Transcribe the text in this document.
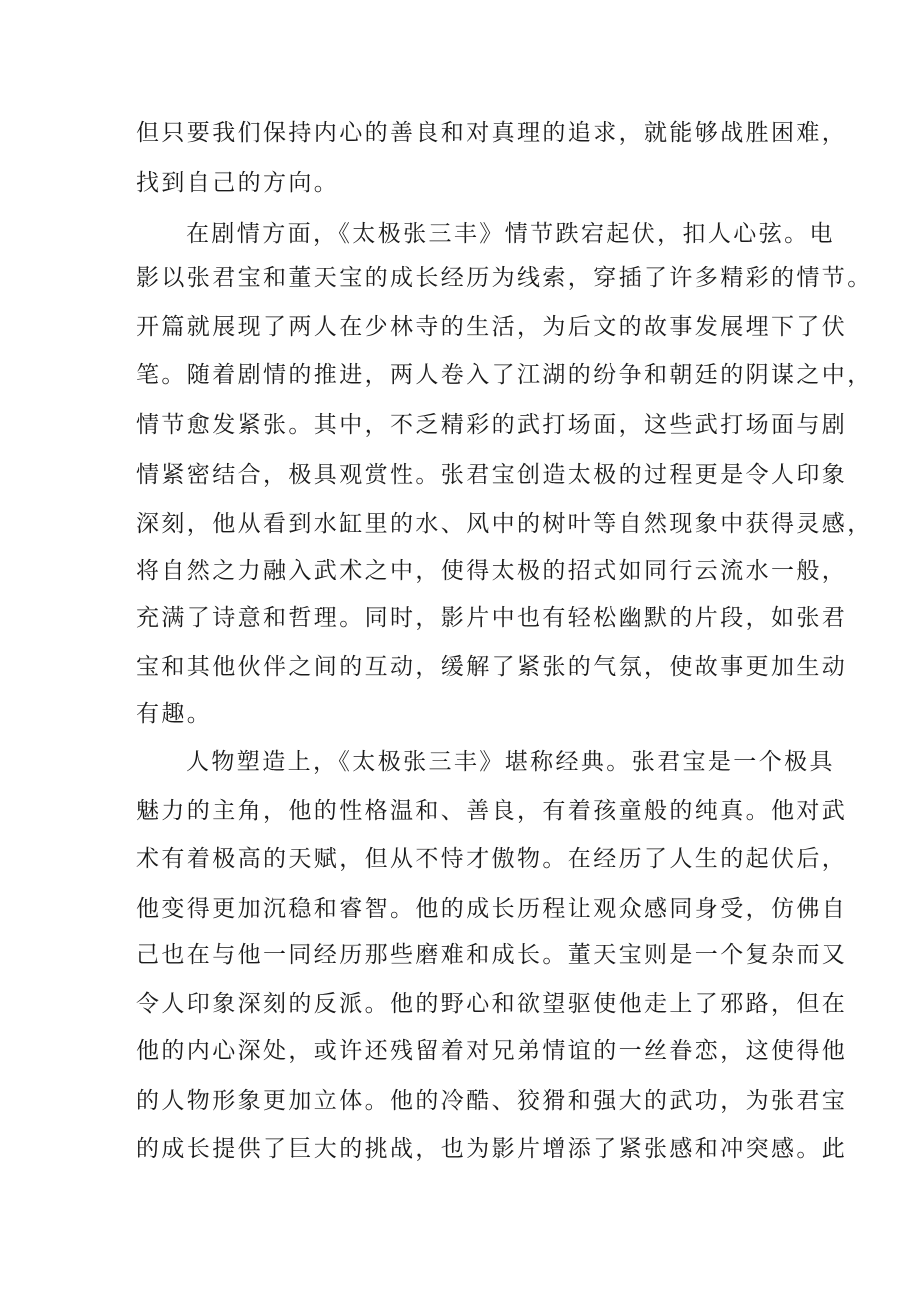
但只要我们保持内心的善良和对真理的追求，就能够战胜困难，

找到自己的方向。

在剧情方面，《太极张三丰》情节跌宕起伏，扣人心弦。电

影以张君宝和董天宝的成长经历为线索，穿插了许多精彩的情节。

开篇就展现了两人在少林寺的生活，为后文的故事发展埋下了伏

笔。随着剧情的推进，两人卷入了江湖的纷争和朝廷的阴谋之中，

情节愈发紧张。其中，不乏精彩的武打场面，这些武打场面与剧

情紧密结合，极具观赏性。张君宝创造太极的过程更是令人印象

深刻，他从看到水缸里的水、风中的树叶等自然现象中获得灵感，

将自然之力融入武术之中，使得太极的招式如同行云流水一般，

充满了诗意和哲理。同时，影片中也有轻松幽默的片段，如张君

宝和其他伙伴之间的互动，缓解了紧张的气氛，使故事更加生动

有趣。

人物塑造上，《太极张三丰》堪称经典。张君宝是一个极具

魅力的主角，他的性格温和、善良，有着孩童般的纯真。他对武

术有着极高的天赋，但从不恃才傲物。在经历了人生的起伏后，

他变得更加沉稳和睿智。他的成长历程让观众感同身受，仿佛自

己也在与他一同经历那些磨难和成长。董天宝则是一个复杂而又

令人印象深刻的反派。他的野心和欲望驱使他走上了邪路，但在

他的内心深处，或许还残留着对兄弟情谊的一丝眷恋，这使得他

的人物形象更加立体。他的冷酷、狡猾和强大的武功，为张君宝

的成长提供了巨大的挑战，也为影片增添了紧张感和冲突感。此
